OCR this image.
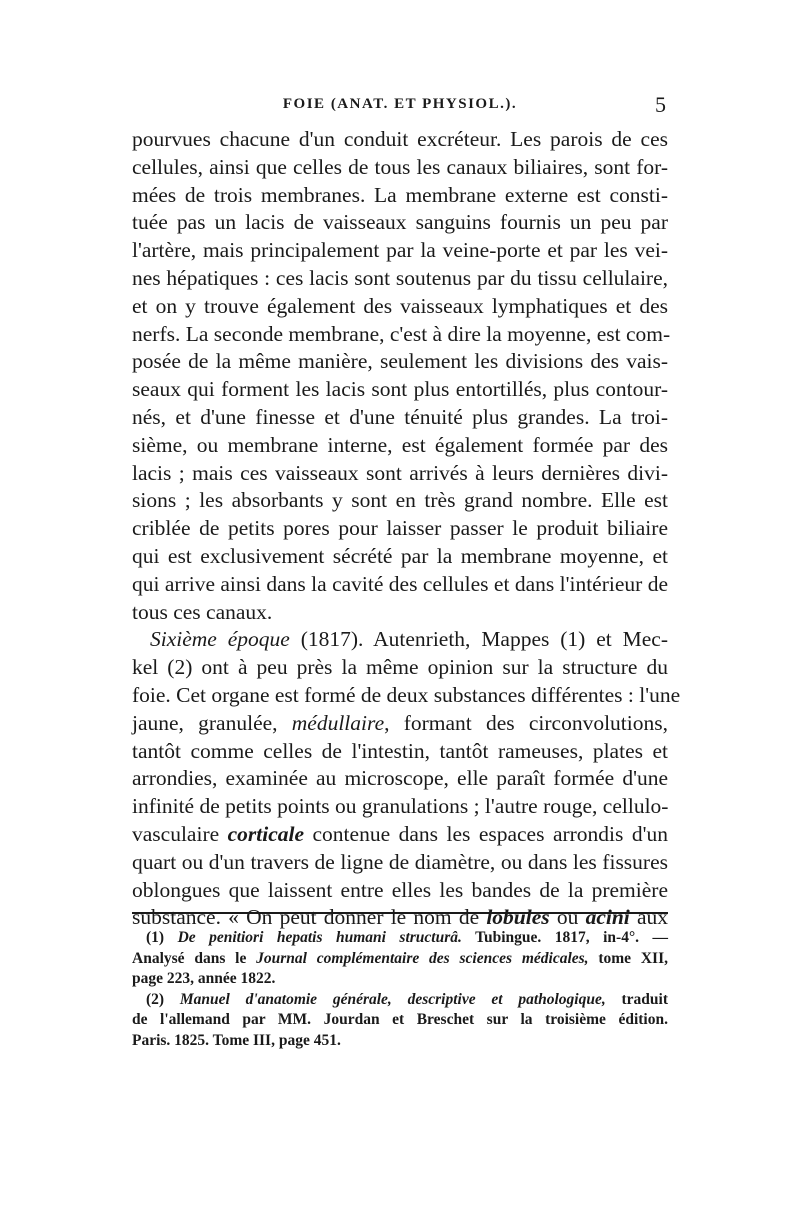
FOIE (ANAT. ET PHYSIOL.).	5
pourvues chacune d'un conduit excréteur. Les parois de ces
cellules, ainsi que celles de tous les canaux biliaires, sont for-
mées de trois membranes. La membrane externe est consti-
tuée pas un lacis de vaisseaux sanguins fournis un peu par
l'artère, mais principalement par la veine-porte et par les vei-
nes hépatiques : ces lacis sont soutenus par du tissu cellulaire,
et on y trouve également des vaisseaux lymphatiques et des
nerfs. La seconde membrane, c'est à dire la moyenne, est com-
posée de la même manière, seulement les divisions des vais-
seaux qui forment les lacis sont plus entortillés, plus contour-
nés, et d'une finesse et d'une ténuité plus grandes. La troi-
sième, ou membrane interne, est également formée par des
lacis ; mais ces vaisseaux sont arrivés à leurs dernières divi-
sions ; les absorbants y sont en très grand nombre. Elle est
criblée de petits pores pour laisser passer le produit biliaire
qui est exclusivement sécrété par la membrane moyenne, et
qui arrive ainsi dans la cavité des cellules et dans l'intérieur de
tous ces canaux.
Sixième époque (1817). Autenrieth, Mappes (1) et Mec-
kel (2) ont à peu près la même opinion sur la structure du
foie. Cet organe est formé de deux substances différentes : l'une
jaune, granulée, médullaire, formant des circonvolutions,
tantôt comme celles de l'intestin, tantôt rameuses, plates et
arrondies, examinée au microscope, elle paraît formée d'une
infinité de petits points ou granulations ; l'autre rouge, cellulo-
vasculaire corticale contenue dans les espaces arrondis d'un
quart ou d'un travers de ligne de diamètre, ou dans les fissures
oblongues que laissent entre elles les bandes de la première
substance. « On peut donner le nom de lobules ou acini aux
(1) De penitiori hepatis humani structurâ. Tubingue. 1817, in-4°. —
Analysé dans le Journal complémentaire des sciences médicales, tome XII,
page 223, année 1822.
(2) Manuel d'anatomie générale, descriptive et pathologique, traduit
de l'allemand par MM. Jourdan et Breschet sur la troisième édition.
Paris. 1825. Tome III, page 451.
